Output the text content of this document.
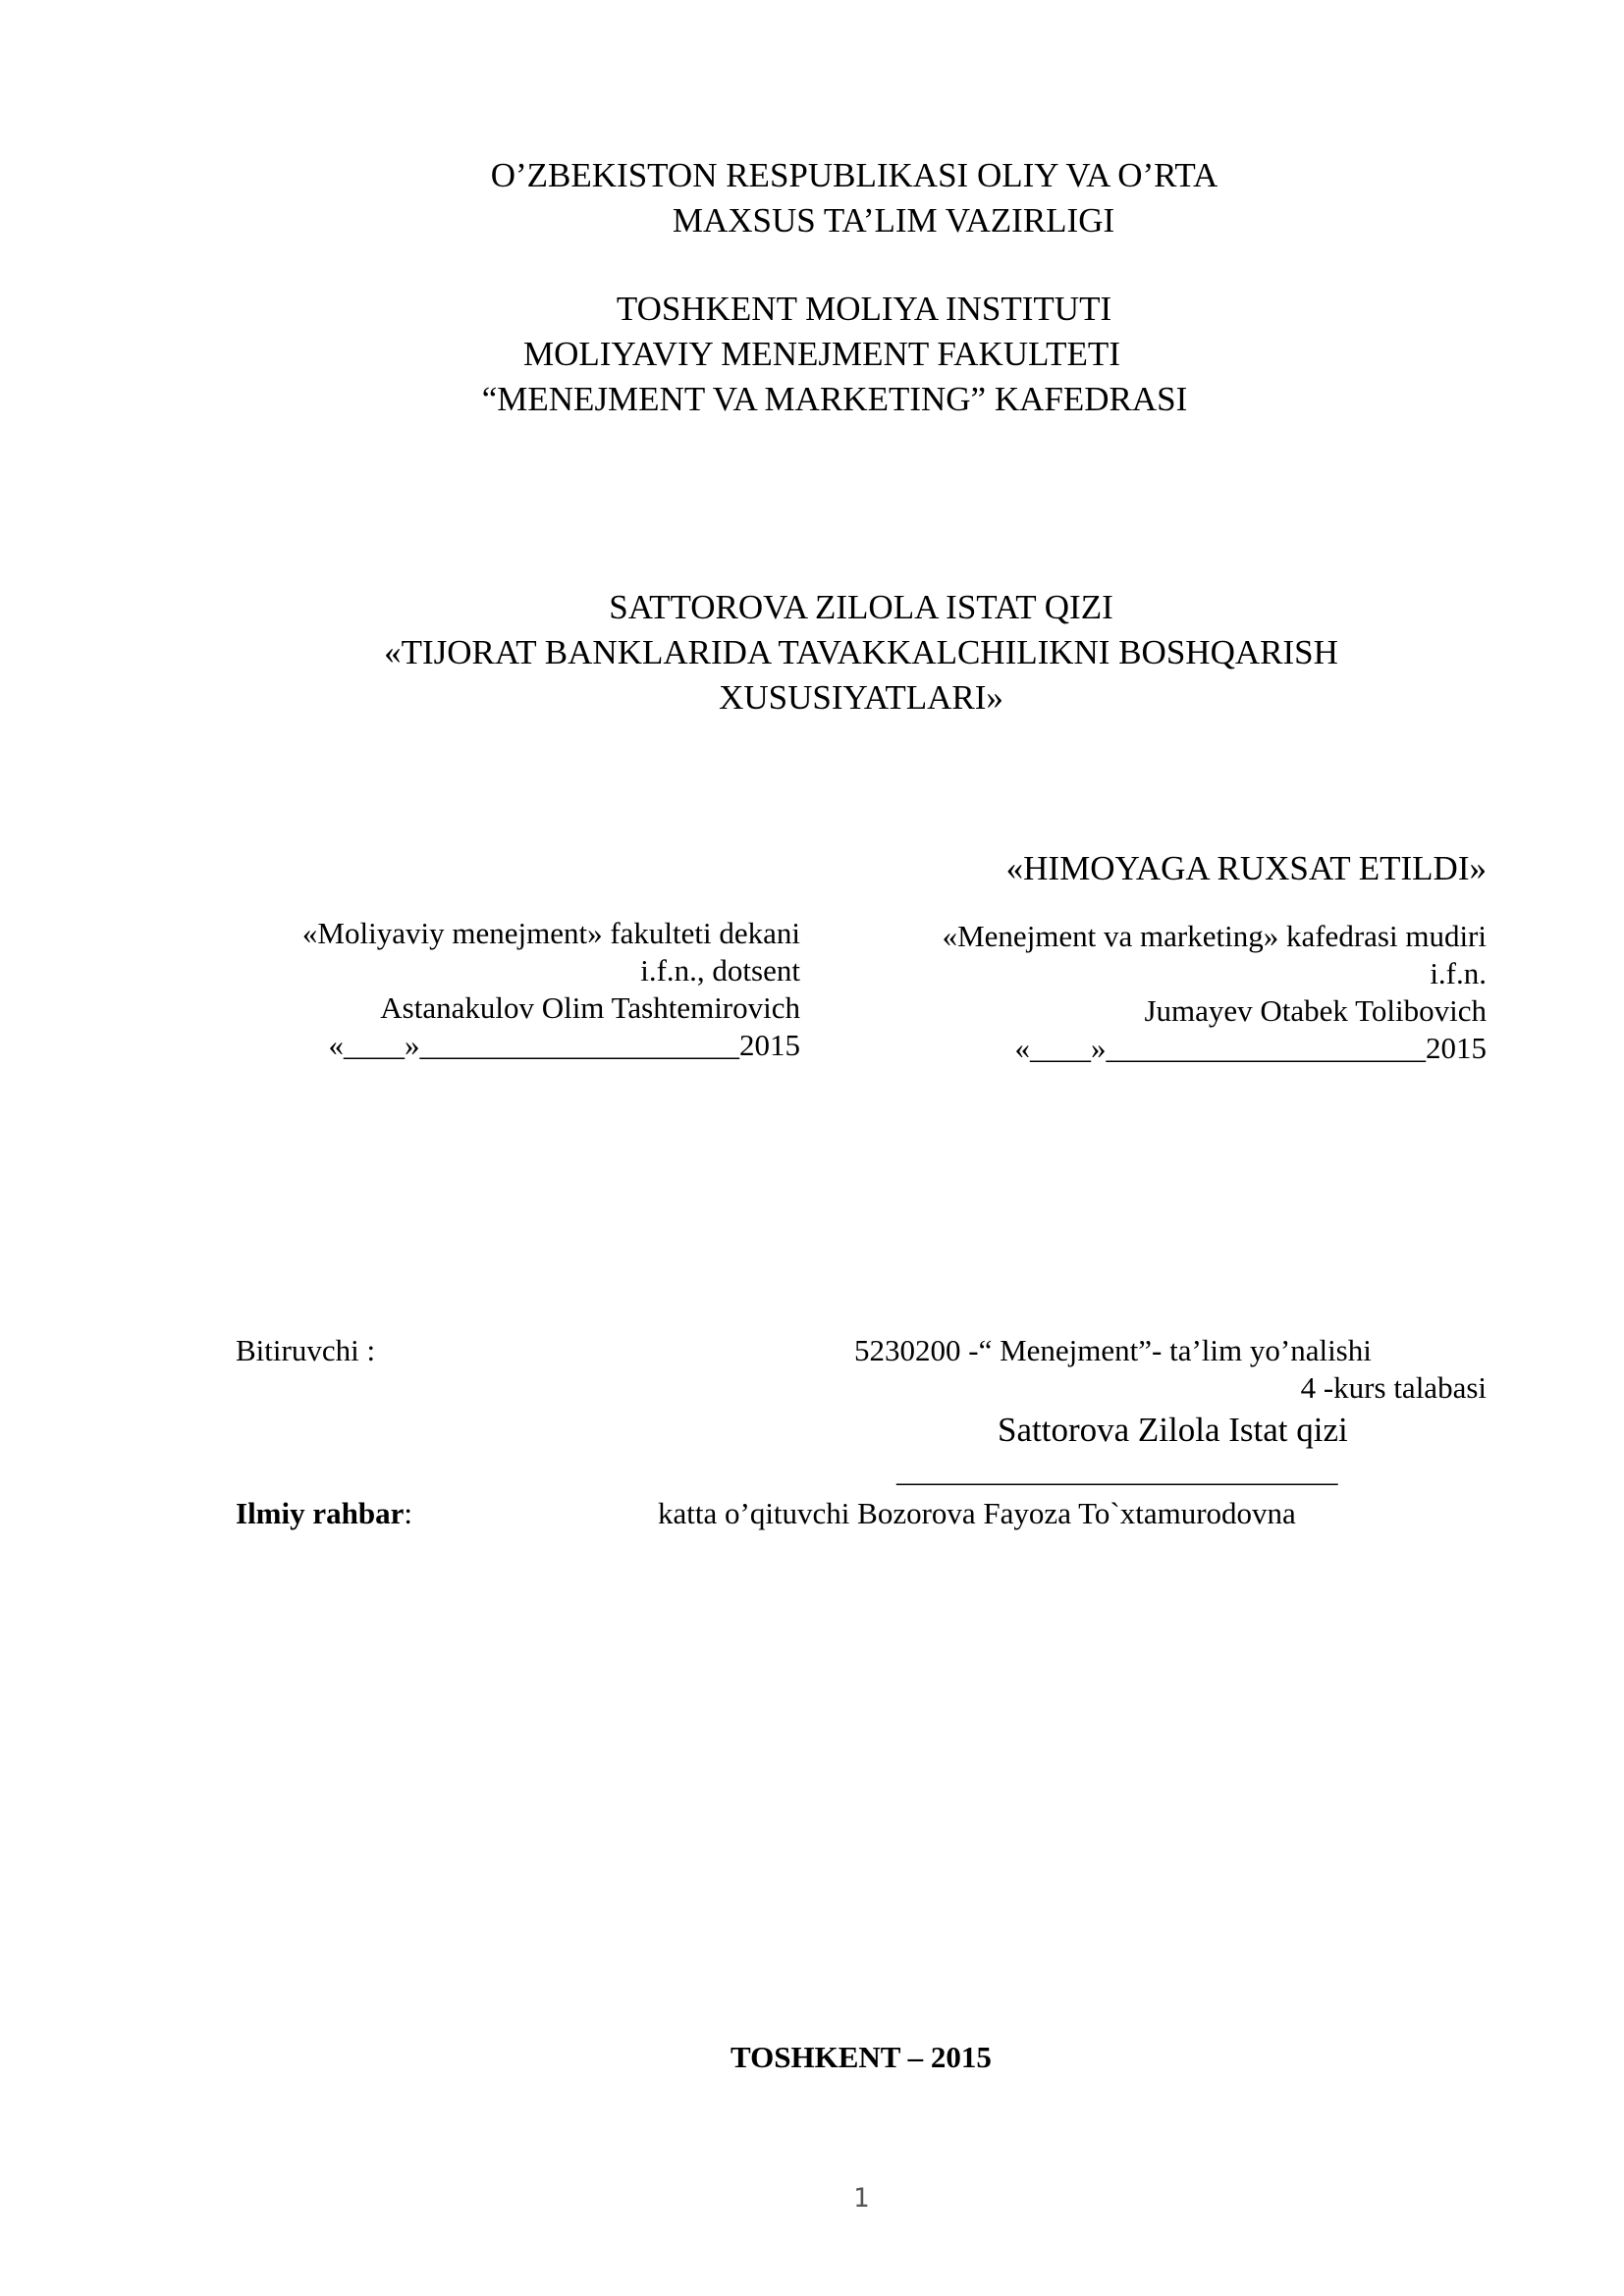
O’ZBEKISTON RESPUBLIKASI OLIY VA O’RTA
MAXSUS TA’LIM VAZIRLIGI
TOSHKENT MOLIYA INSTITUTI
MOLIYAVIY MENEJMENT FAKULTETI
“MENEJMENT VA MARKETING” KAFEDRASI
SATTOROVA ZILOLA ISTAT QIZI
«TIJORAT BANKLARIDA TAVAKKALCHILIKNI BOSHQARISH
XUSUSIYATLARI»
«HIMOYAGA RUXSAT ETILDI»
«Moliyaviy menejment» fakulteti dekani
i.f.n., dotsent
Astanakulov Olim Tashtemirovich
«____»_____________________2015
«Menejment va marketing» kafedrasi mudiri
i.f.n.
Jumayev Otabek Tolibovich
«____»_____________________2015
Bitiruvchi :	5230200 -“ Menejment”- ta’lim yo’nalishi
4 -kurs talabasi
Sattorova Zilola Istat qizi
_____________________________
Ilmiy rahbar:	katta o’qituvchi Bozorova Fayoza To`xtamurodovna
TOSHKENT – 2015
1
